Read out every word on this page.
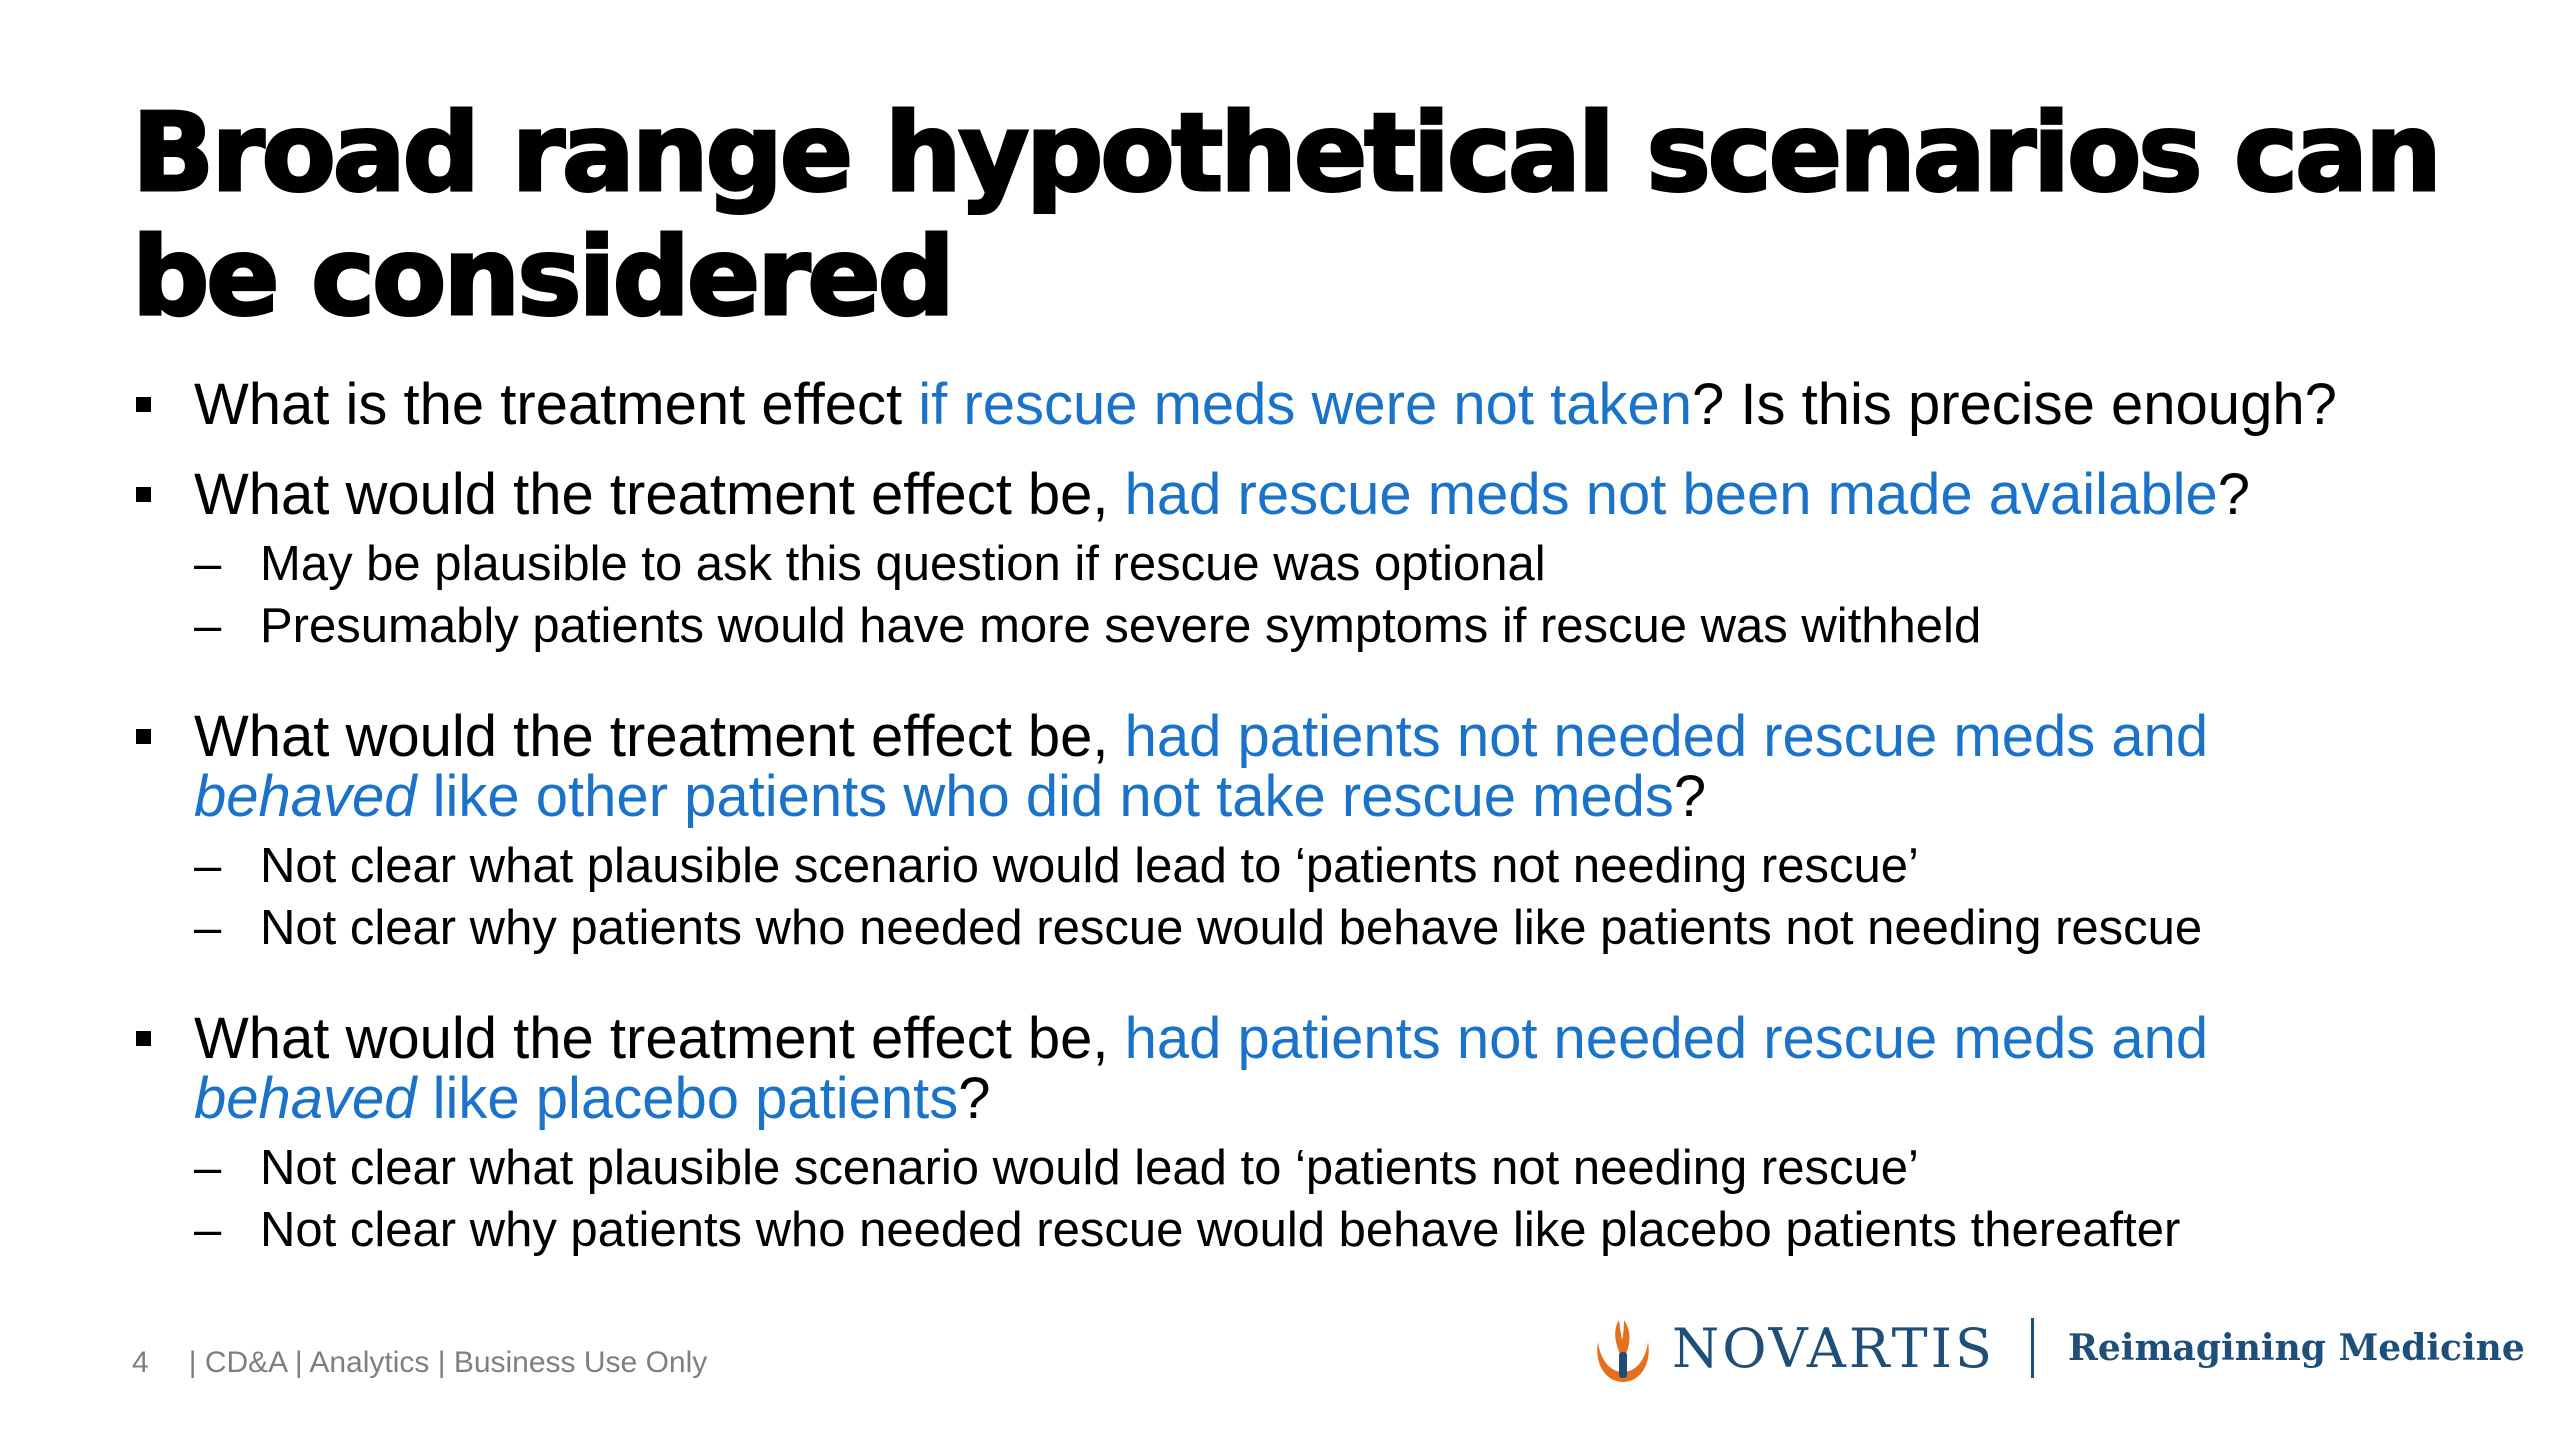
Broad range hypothetical scenarios can be considered
What is the treatment effect if rescue meds were not taken? Is this precise enough?
What would the treatment effect be, had rescue meds not been made available?
– May be plausible to ask this question if rescue was optional
– Presumably patients would have more severe symptoms if rescue was withheld
What would the treatment effect be, had patients not needed rescue meds and
behaved like other patients who did not take rescue meds?
– Not clear what plausible scenario would lead to ‘patients not needing rescue’
– Not clear why patients who needed rescue would behave like patients not needing rescue
What would the treatment effect be, had patients not needed rescue meds and
behaved like placebo patients?
– Not clear what plausible scenario would lead to ‘patients not needing rescue’
– Not clear why patients who needed rescue would behave like placebo patients thereafter
4 | CD&A | Analytics | Business Use Only	NOVARTIS Reimagining Medicine
